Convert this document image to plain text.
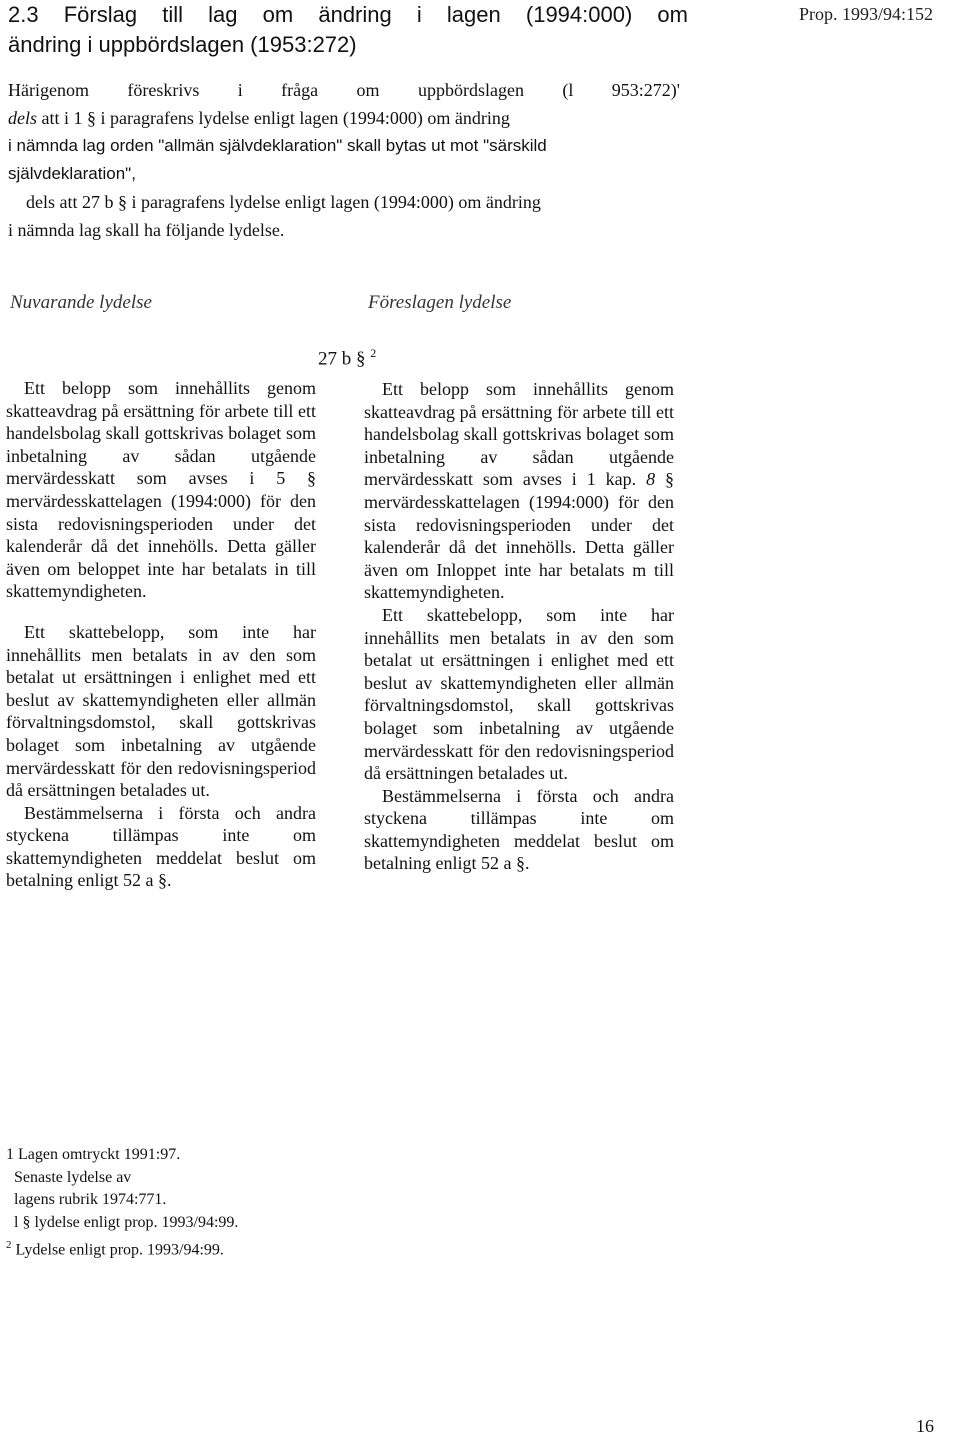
2.3 Förslag till lag om ändring i lagen (1994:000) om
ändring i uppbördslagen (1953:272)
Prop. 1993/94:152

Härigenom föreskrivs i fråga om uppbördslagen (l 953:272)'

dels att i 1 § i paragrafens lydelse enligt lagen (1994:000) om ändring

i nämnda lag orden "allmän självdeklaration" skall bytas ut mot "särskild

självdeklaration",

dels att 27 b § i paragrafens lydelse enligt lagen (1994:000) om ändring

i nämnda lag skall ha följande lydelse.

Nuvarande lydelse	Föreslagen lydelse
27 b § $^2$

Ett belopp som innehållits genom skatteavdrag på ersättning för arbete till ett handelsbolag skall gottskrivas bolaget som inbetalning av sådan utgående mervärdesskatt som avses i 5 § mervärdesskattelagen (1994:000) för den sista redovisningsperioden under det kalenderår då det innehölls. Detta gäller även om beloppet inte har betalats in till skattemyndigheten.

Ett skattebelopp, som inte har innehållits men betalats in av den som betalat ut ersättningen i enlighet med ett beslut av skattemyndigheten eller allmän förvaltningsdomstol, skall gottskrivas bolaget som inbetalning av utgående mervärdesskatt för den redovisningsperiod då ersättningen betalades ut.

Bestämmelserna i första och andra styckena tillämpas inte om skattemyndigheten meddelat beslut om betalning enligt 52 a §.

Ett belopp som innehållits genom skatteavdrag på ersättning för arbete till ett handelsbolag skall gottskrivas bolaget som inbetalning av sådan utgående mervärdesskatt som avses i 1 kap. 8 § mervärdesskattelagen (1994:000) för den sista redovisningsperioden under det kalenderår då det innehölls. Detta gäller även om Inloppet inte har betalats m till skattemyndigheten.

Ett skattebelopp, som inte har innehållits men betalats in av den som betalat ut ersättningen i enlighet med ett beslut av skattemyndigheten eller allmän förvaltningsdomstol, skall gottskrivas bolaget som inbetalning av utgående mervärdesskatt för den redovisningsperiod då ersättningen betalades ut.

Bestämmelserna i första och andra styckena tillämpas inte om skattemyndigheten meddelat beslut om betalning enligt 52 a §.

1 Lagen omtryckt 1991:97.

Senaste lydelse av

lagens rubrik 1974:771.

l § lydelse enligt prop. 1993/94:99.

$^2$ Lydelse enligt prop. 1993/94:99.

16
